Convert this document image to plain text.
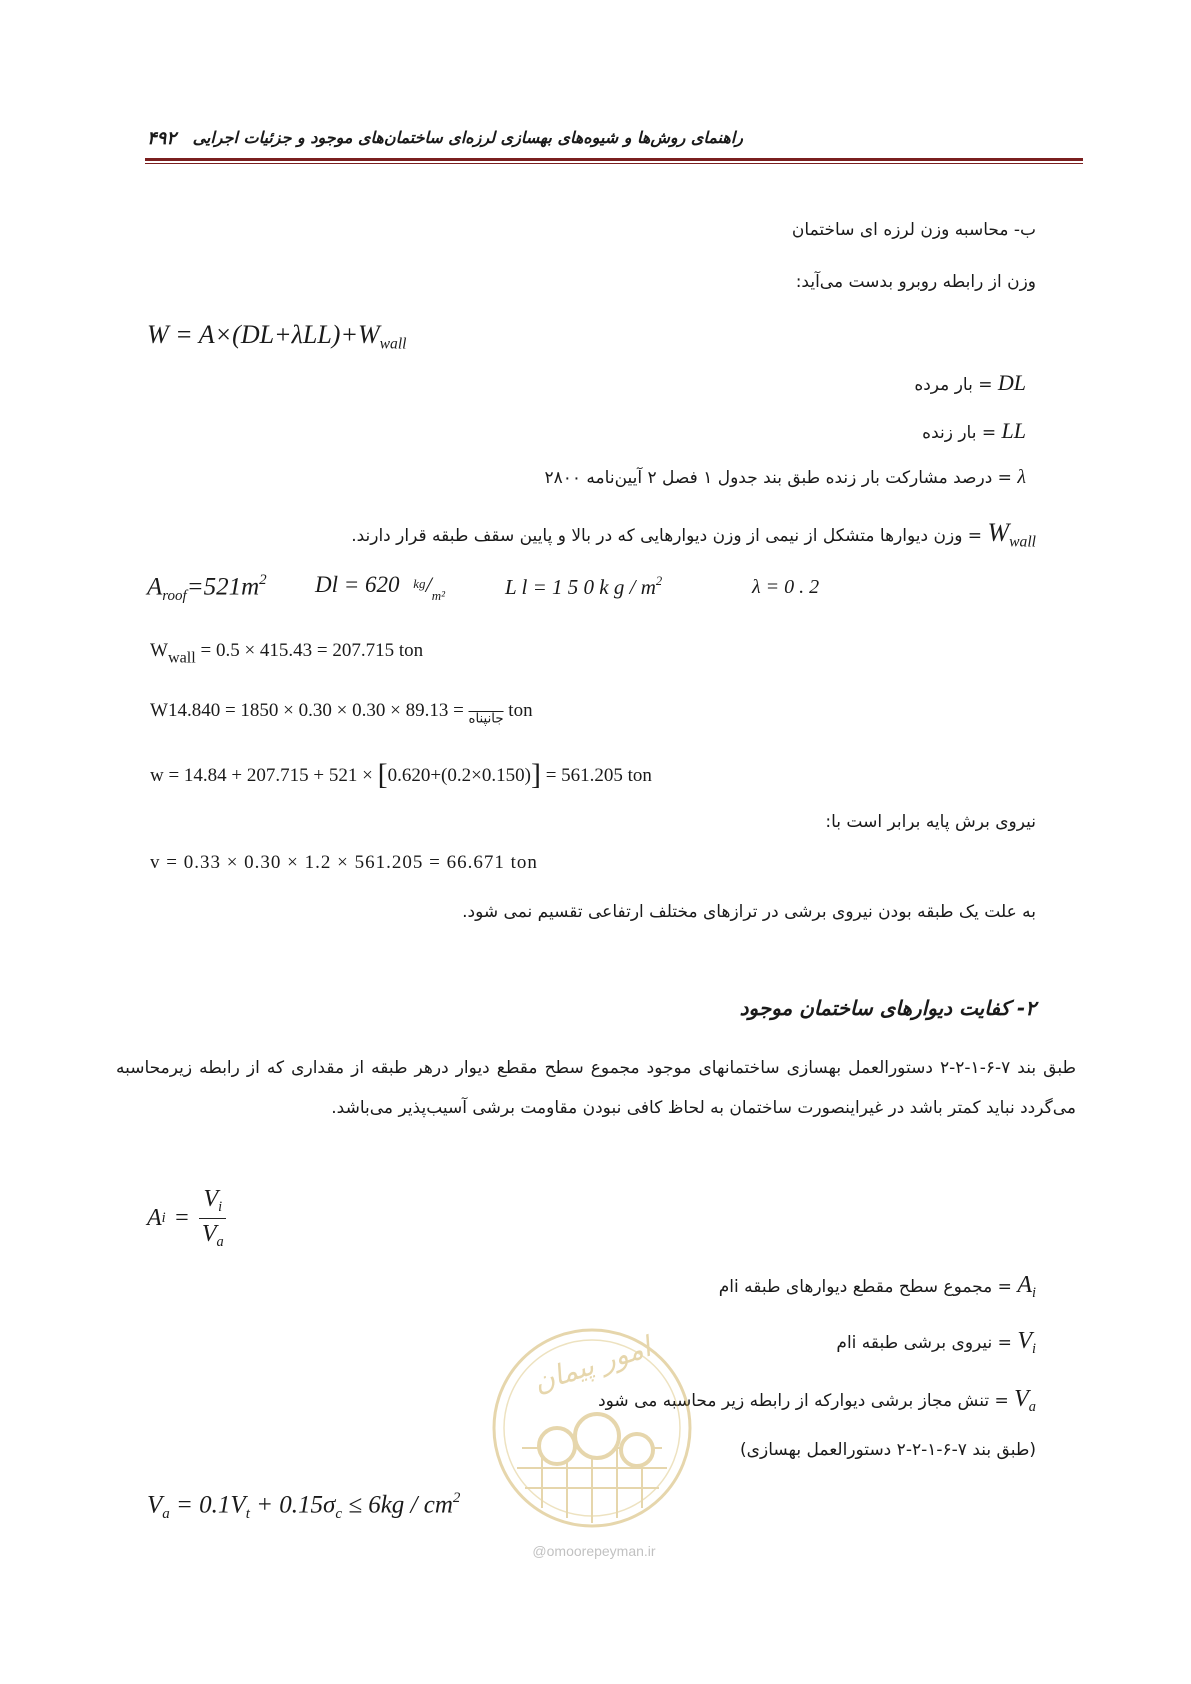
۴۹۲ راهنمای روش‌ها و شیوه‌های بهسازی لرزه‌ای ساختمان‌های موجود و جزئیات اجرایی
ب- محاسبه وزن لرزه ای ساختمان
وزن از رابطه روبرو بدست می‌آید:
$W = A\times(DL+\lambda LL)+W_{wall}$
DL = بار مرده
LL = بار زنده
λ = درصد مشارکت بار زنده طبق بند جدول ۱ فصل ۲ آیین‌نامه ۲۸۰۰
$W_{wall}$ = وزن دیوارها متشکل از نیمی از وزن دیوارهایی که در بالا و پایین سقف طبقه قرار دارند.
$A_{roof}=521m^2$ Dl = 620 kg/m²	L l = 1 5 0 k g / $m^2$	λ = 0 . 2
$W_{wall} = 0.5 \times 415.43 = 207.715$ ton
W	$_{جانپناه}$ = 89.13 × 0.30 × 0.30 × 1850 = 14.840 ton
w = 14.84 + 207.715 + 521 × [0.620+(0.2×0.150)] = 561.205 ton
نیروی برش پایه برابر است با:
v = 0.33 × 0.30 × 1.2 × 561.205 = 66.671 ton
به علت یک طبقه بودن نیروی برشی در ترازهای مختلف ارتفاعی تقسیم نمی شود.
۲- کفایت دیوارهای ساختمان موجود
طبق بند ۷-۶-۱-۲-۲ دستورالعمل بهسازی ساختمانهای موجود مجموع سطح مقطع دیوار درهر طبقه از مقداری که از رابطه زیرمحاسبه می‌گردد نباید کمتر باشد در غیراینصورت ساختمان به لحاظ کافی نبودن مقاومت برشی آسیب‌پذیر می‌باشد.
A $i = \frac{V_i}{V_a}$
$A_i$ = مجموع سطح مقطع دیوارهای طبقه iام
$V_i$ = نیروی برشی طبقه iام
$V_a$ = تنش مجاز برشی دیوارکه از رابطه زیر محاسبه می شود
(طبق بند ۷-۶-۱-۲-۲ دستورالعمل بهسازی)
$V_a = 0.1V_t + 0.15\sigma_c \le 6kg / cm^2$
امور پیمان
@omoorepeyman.ir
